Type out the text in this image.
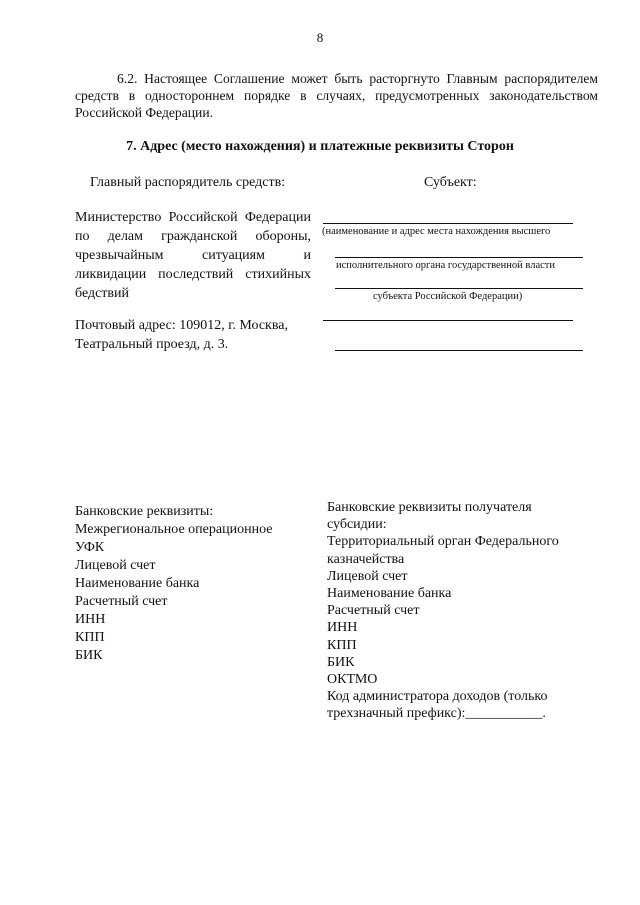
8
6.2. Настоящее Соглашение может быть расторгнуто Главным распорядителем средств в одностороннем порядке в случаях, предусмотренных законодательством Российской Федерации.
7. Адрес (место нахождения) и платежные реквизиты Сторон
Главный распорядитель средств:	Субъект:
Министерство Российской Федерации по делам гражданской обороны, чрезвычайным ситуациям и ликвидации последствий стихийных бедствий
Почтовый адрес: 109012, г. Москва, Театральный проезд, д. 3.
(наименование и адрес места нахождения высшего
исполнительного органа государственной власти
субъекта Российской Федерации)
Банковские реквизиты:
Межрегиональное операционное
УФК
Лицевой счет
Наименование банка
Расчетный счет
ИНН
КПП
БИК
Банковские реквизиты получателя
субсидии:
Территориальный орган Федерального
казначейства
Лицевой счет
Наименование банка
Расчетный счет
ИНН
КПП
БИК
ОКТМО
Код администратора доходов (только
трехзначный префикс):___________.
